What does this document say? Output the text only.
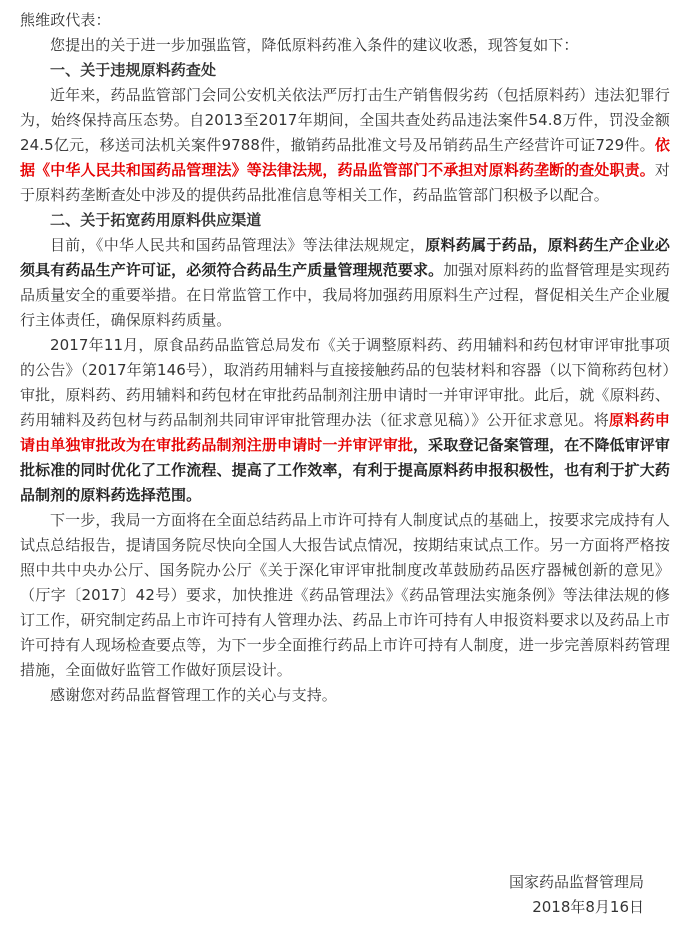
熊维政代表：

您提出的关于进一步加强监管，降低原料药准入条件的建议收悉，现答复如下：

一、关于违规原料药查处

近年来，药品监管部门会同公安机关依法严厉打击生产销售假劣药（包括原料药）违法犯罪行为，始终保持高压态势。自2013至2017年期间，全国共查处药品违法案件54.8万件，罚没金额24.5亿元，移送司法机关案件9788件，撤销药品批准文号及吊销药品生产经营许可证729件。依据《中华人民共和国药品管理法》等法律法规，药品监管部门不承担对原料药垄断的查处职责。对于原料药垄断查处中涉及的提供药品批准信息等相关工作，药品监管部门积极予以配合。

二、关于拓宽药用原料供应渠道

目前，《中华人民共和国药品管理法》等法律法规规定，原料药属于药品，原料药生产企业必须具有药品生产许可证，必须符合药品生产质量管理规范要求。加强对原料药的监督管理是实现药品质量安全的重要举措。在日常监管工作中，我局将加强药用原料生产过程，督促相关生产企业履行主体责任，确保原料药质量。

2017年11月，原食品药品监管总局发布《关于调整原料药、药用辅料和药包材审评审批事项的公告》（2017年第146号），取消药用辅料与直接接触药品的包装材料和容器（以下简称药包材）审批，原料药、药用辅料和药包材在审批药品制剂注册申请时一并审评审批。此后，就《原料药、药用辅料及药包材与药品制剂共同审评审批管理办法（征求意见稿）》公开征求意见。将原料药申请由单独审批改为在审批药品制剂注册申请时一并审评审批，采取登记备案管理，在不降低审评审批标准的同时优化了工作流程、提高了工作效率，有利于提高原料药申报积极性，也有利于扩大药品制剂的原料药选择范围。

下一步，我局一方面将在全面总结药品上市许可持有人制度试点的基础上，按要求完成持有人试点总结报告，提请国务院尽快向全国人大报告试点情况，按期结束试点工作。另一方面将严格按照中共中央办公厅、国务院办公厅《关于深化审评审批制度改革鼓励药品医疗器械创新的意见》（厅字〔2017〕42号）要求，加快推进《药品管理法》《药品管理法实施条例》等法律法规的修订工作，研究制定药品上市许可持有人管理办法、药品上市许可持有人申报资料要求以及药品上市许可持有人现场检查要点等，为下一步全面推行药品上市许可持有人制度，进一步完善原料药管理措施，全面做好监管工作做好顶层设计。

感谢您对药品监督管理工作的关心与支持。

国家药品监督管理局
2018年8月16日
